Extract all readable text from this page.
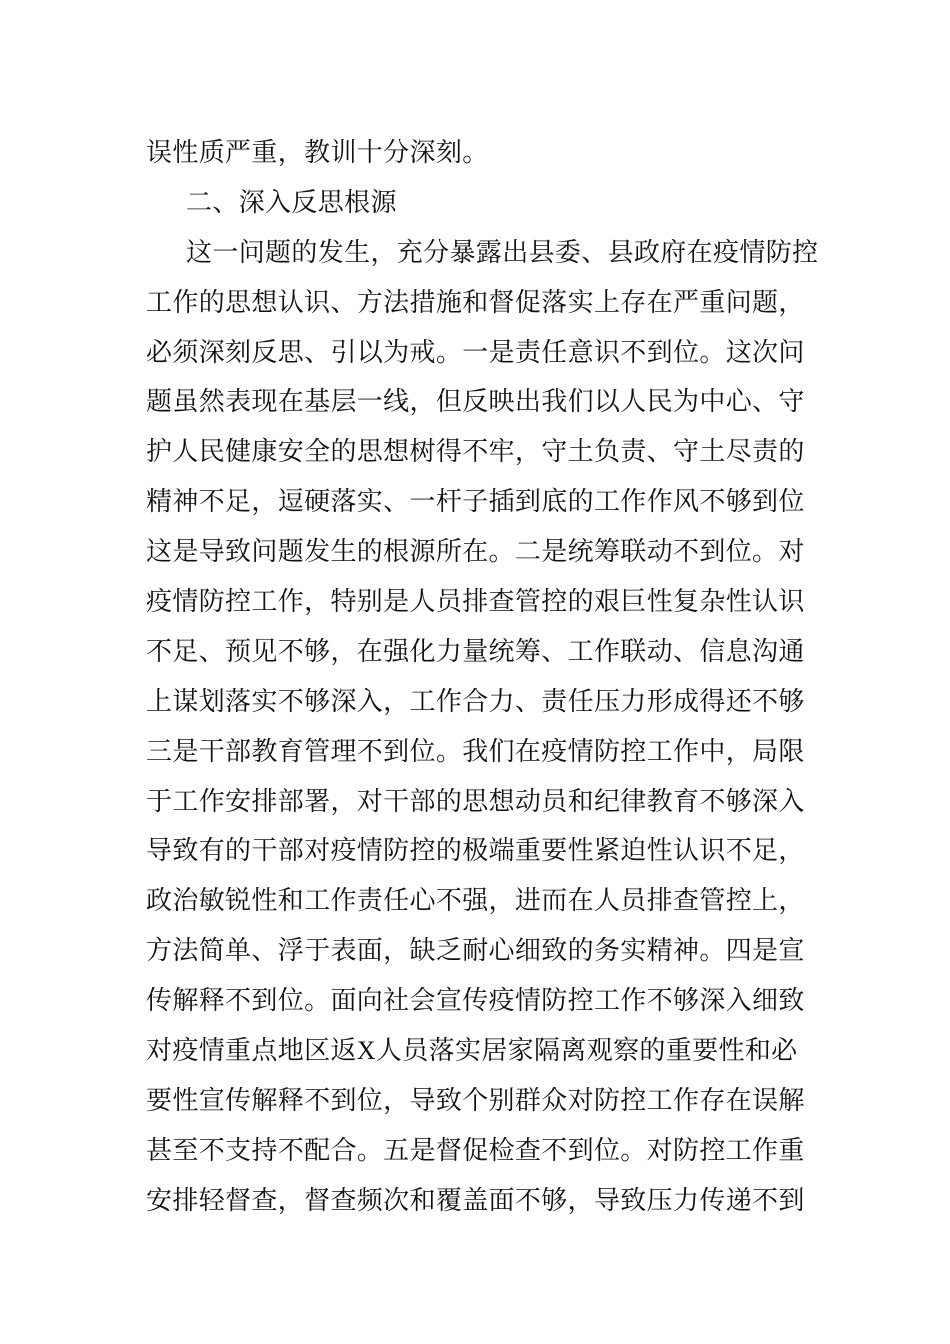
误性质严重，教训十分深刻。
二、深入反思根源
这一问题的发生，充分暴露出县委、县政府在疫情防控
工作的思想认识、方法措施和督促落实上存在严重问题，
必须深刻反思、引以为戒。一是责任意识不到位。这次问
题虽然表现在基层一线，但反映出我们以人民为中心、守
护人民健康安全的思想树得不牢，守土负责、守土尽责的
精神不足，逗硬落实、一杆子插到底的工作作风不够到位
这是导致问题发生的根源所在。二是统筹联动不到位。对
疫情防控工作，特别是人员排查管控的艰巨性复杂性认识
不足、预见不够，在强化力量统筹、工作联动、信息沟通
上谋划落实不够深入，工作合力、责任压力形成得还不够
三是干部教育管理不到位。我们在疫情防控工作中，局限
于工作安排部署，对干部的思想动员和纪律教育不够深入
导致有的干部对疫情防控的极端重要性紧迫性认识不足，
政治敏锐性和工作责任心不强，进而在人员排查管控上，
方法简单、浮于表面，缺乏耐心细致的务实精神。四是宣
传解释不到位。面向社会宣传疫情防控工作不够深入细致
对疫情重点地区返X人员落实居家隔离观察的重要性和必
要性宣传解释不到位，导致个别群众对防控工作存在误解
甚至不支持不配合。五是督促检查不到位。对防控工作重
安排轻督查，督查频次和覆盖面不够，导致压力传递不到
